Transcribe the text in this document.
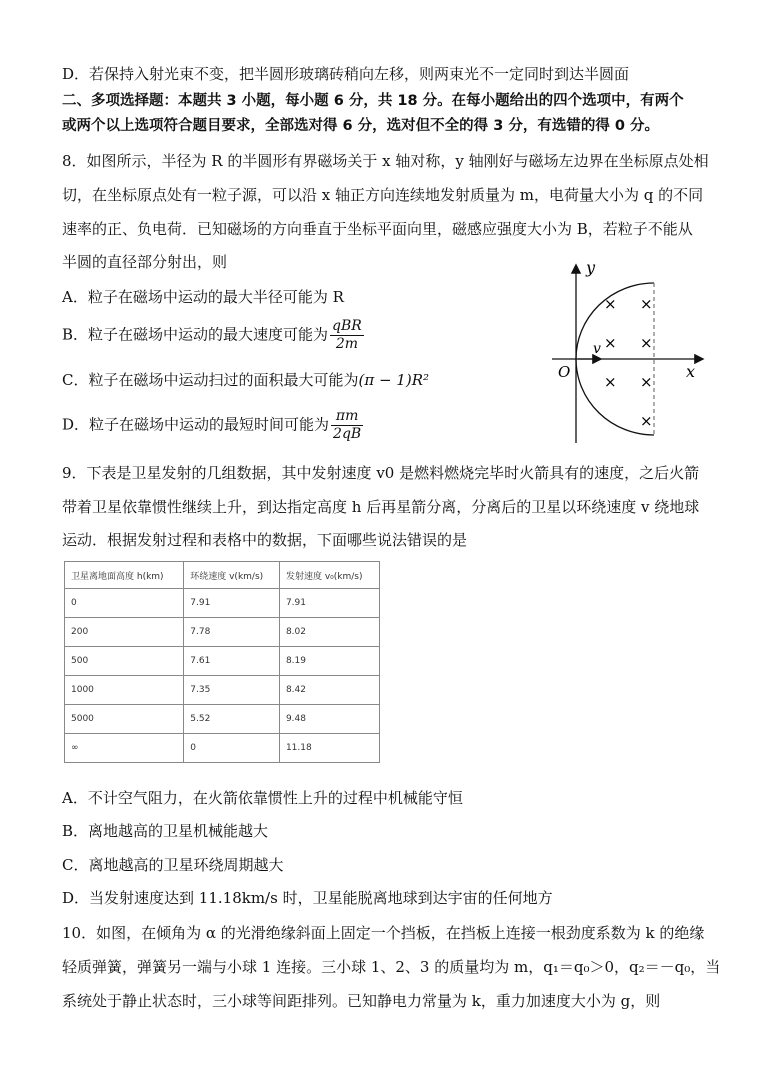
D．若保持入射光束不变，把半圆形玻璃砖稍向左移，则两束光不一定同时到达半圆面
二、多项选择题：本题共 3 小题，每小题 6 分，共 18 分。在每小题给出的四个选项中，有两个
或两个以上选项符合题目要求，全部选对得 6 分，选对但不全的得 3 分，有选错的得 0 分。
8．如图所示，半径为 R 的半圆形有界磁场关于 x 轴对称，y 轴刚好与磁场左边界在坐标原点处相
切，在坐标原点处有一粒子源，可以沿 x 轴正方向连续地发射质量为 m，电荷量大小为 q 的不同
速率的正、负电荷．已知磁场的方向垂直于坐标平面向里，磁感应强度大小为 B，若粒子不能从
半圆的直径部分射出，则
A．粒子在磁场中运动的最大半径可能为 R
B．粒子在磁场中运动的最大速度可能为 $\frac{\text{qBR}}{2m}$
C．粒子在磁场中运动扫过的面积最大可能为(π − 1)R²
D．粒子在磁场中运动的最短时间可能为 $\frac{\pi m}{2qB}$
y
x
O
v
× ×
× ×
× ×
×
9．下表是卫星发射的几组数据，其中发射速度 v0 是燃料燃烧完毕时火箭具有的速度，之后火箭
带着卫星依靠惯性继续上升，到达指定高度 h 后再星箭分离，分离后的卫星以环绕速度 v 绕地球
运动．根据发射过程和表格中的数据，下面哪些说法错误的是
卫星离地面高度 h(km)	环绕速度 v(km/s)	发射速度 v₀(km/s)
0	7.91	7.91
200	7.78	8.02
500	7.61	8.19
1000	7.35	8.42
5000	5.52	9.48
∞	0	11.18
A．不计空气阻力，在火箭依靠惯性上升的过程中机械能守恒
B．离地越高的卫星机械能越大
C．离地越高的卫星环绕周期越大
D．当发射速度达到 11.18km/s 时，卫星能脱离地球到达宇宙的任何地方
10．如图，在倾角为 α 的光滑绝缘斜面上固定一个挡板，在挡板上连接一根劲度系数为 k 的绝缘
轻质弹簧，弹簧另一端与小球 1 连接。三小球 1、2、3 的质量均为 m，q₁＝q₀＞0，q₂＝－q₀，当
系统处于静止状态时，三小球等间距排列。已知静电力常量为 k，重力加速度大小为 g，则
